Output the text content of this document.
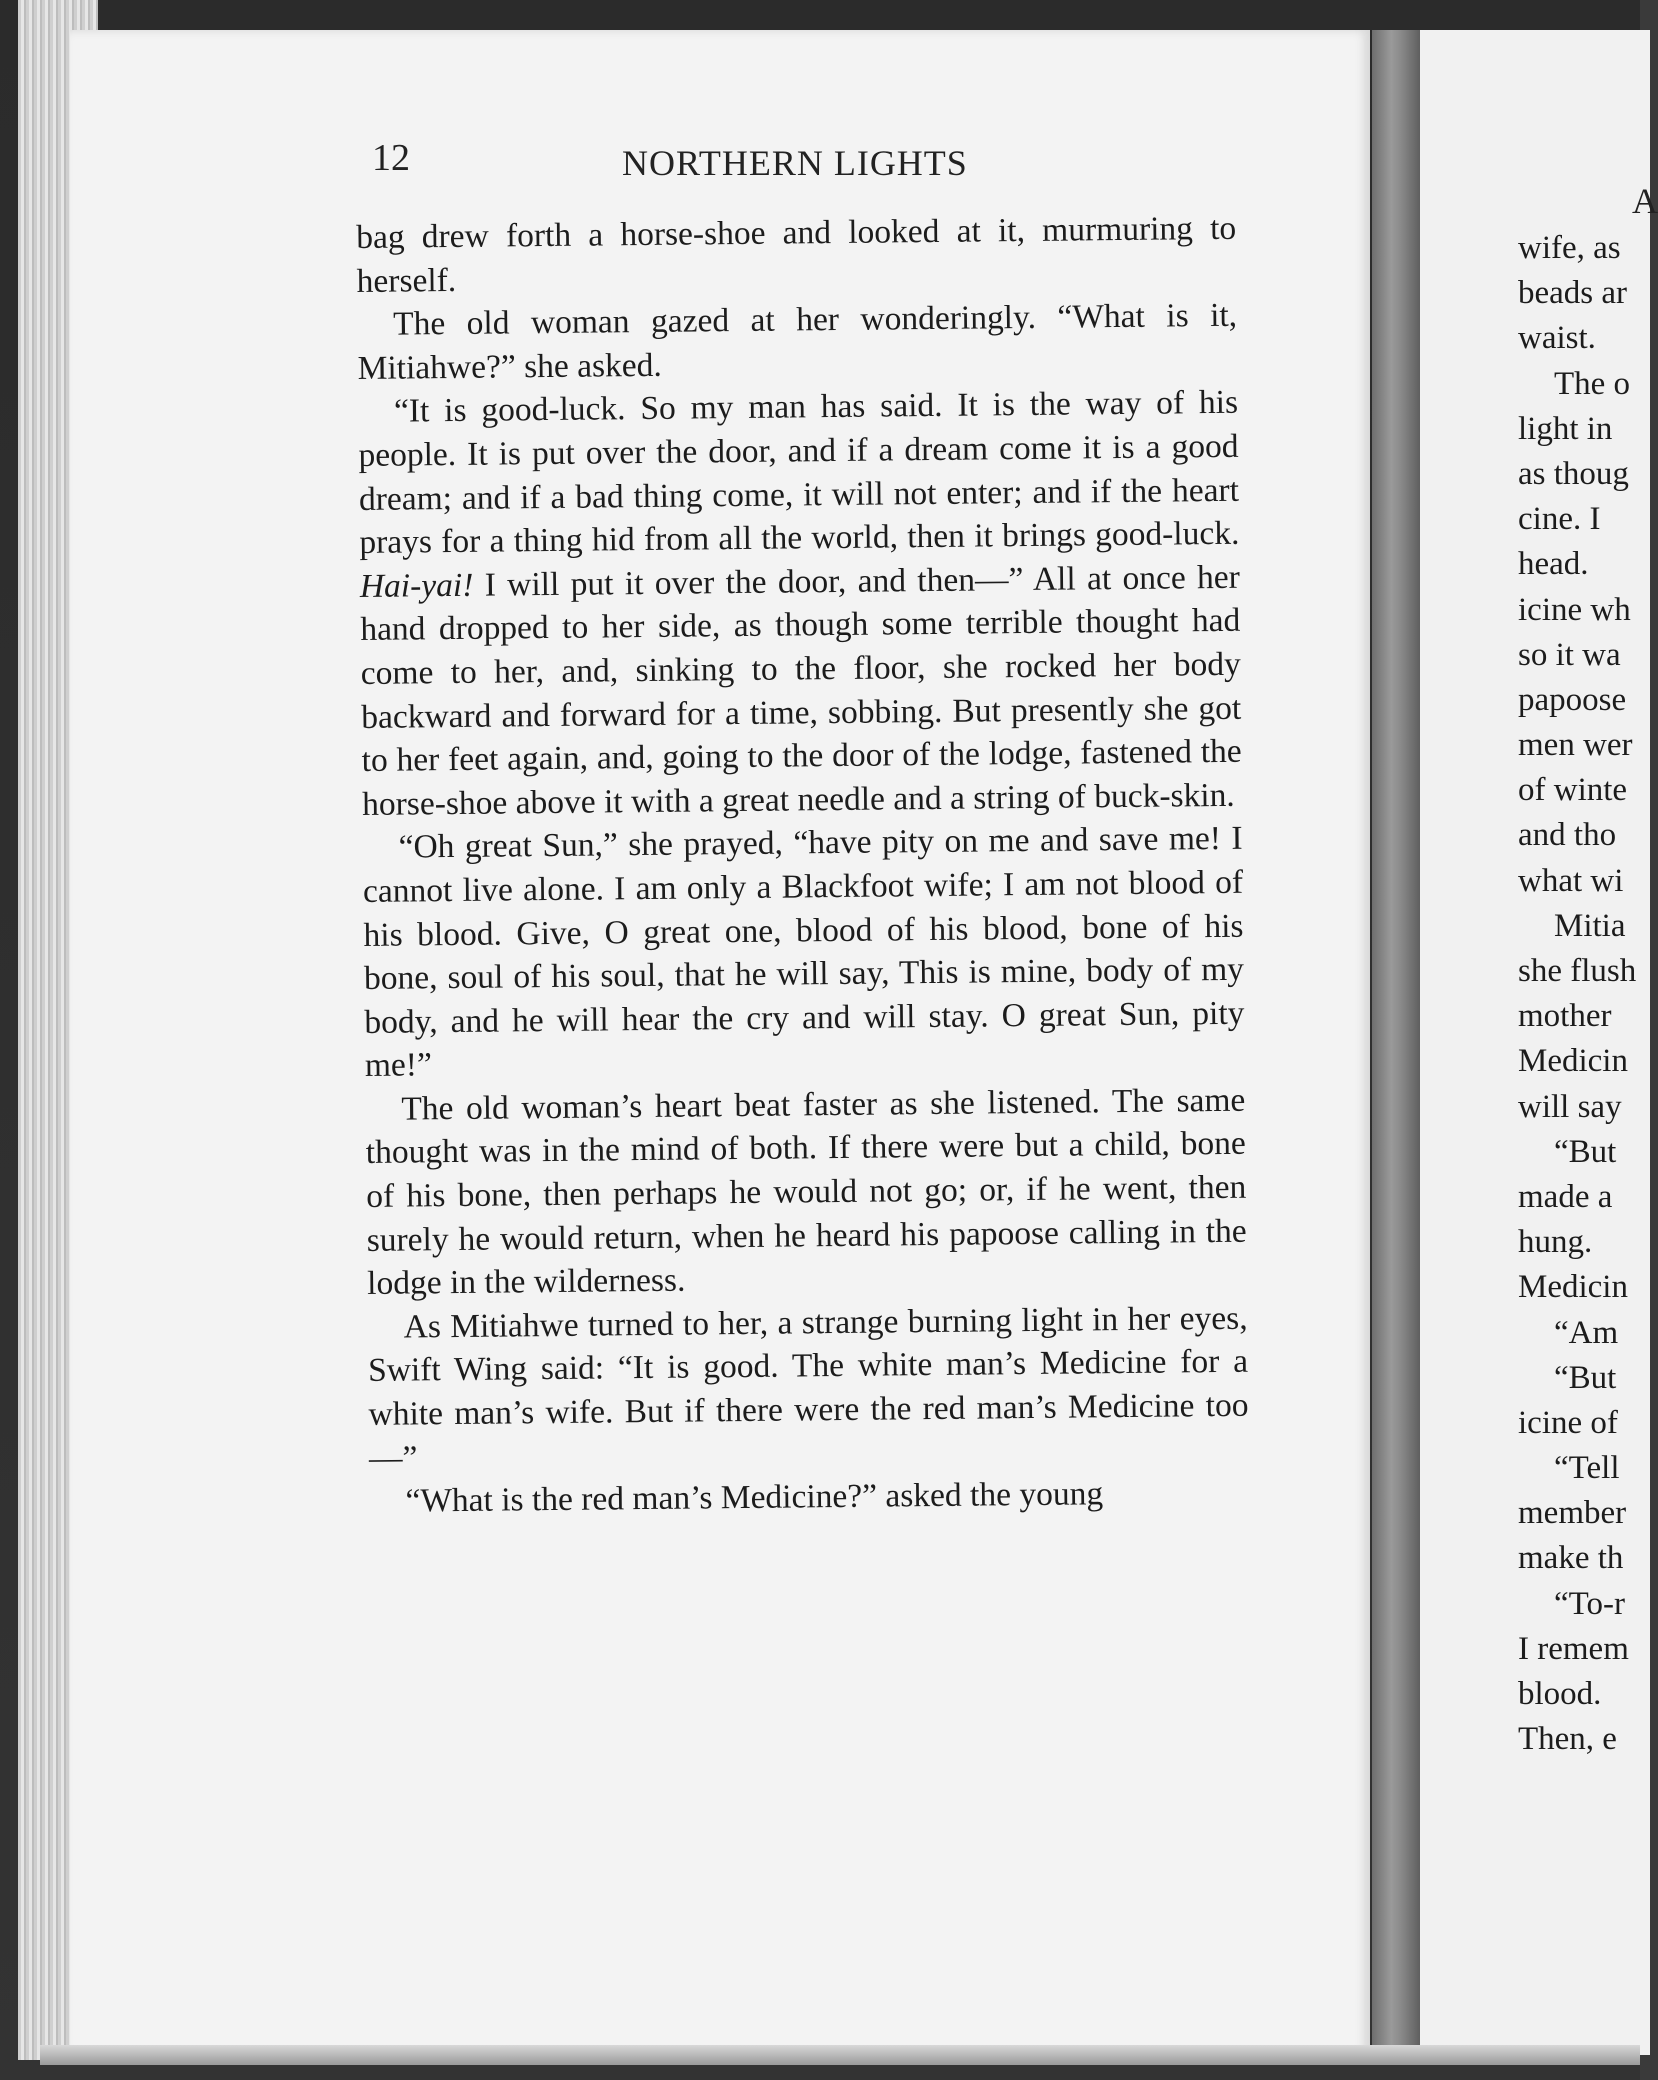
12	NORTHERN LIGHTS

bag drew forth a horse-shoe and looked at it, murmuring to herself.

The old woman gazed at her wonderingly. “What is it, Mitiahwe?” she asked.

“It is good-luck. So my man has said. It is the way of his people. It is put over the door, and if a dream come it is a good dream; and if a bad thing come, it will not enter; and if the heart prays for a thing hid from all the world, then it brings good-luck. Hai-yai! I will put it over the door, and then—” All at once her hand dropped to her side, as though some terrible thought had come to her, and, sinking to the floor, she rocked her body backward and forward for a time, sobbing. But presently she got to her feet again, and, going to the door of the lodge, fastened the horse-shoe above it with a great needle and a string of buck-skin.

“Oh great Sun,” she prayed, “have pity on me and save me! I cannot live alone. I am only a Blackfoot wife; I am not blood of his blood. Give, O great one, blood of his blood, bone of his bone, soul of his soul, that he will say, This is mine, body of my body, and he will hear the cry and will stay. O great Sun, pity me!”

The old woman’s heart beat faster as she listened. The same thought was in the mind of both. If there were but a child, bone of his bone, then perhaps he would not go; or, if he went, then surely he would return, when he heard his papoose calling in the lodge in the wilderness.

As Mitiahwe turned to her, a strange burning light in her eyes, Swift Wing said: “It is good. The white man’s Medicine for a white man’s wife. But if there were the red man’s Medicine too—”

“What is the red man’s Medicine?” asked the young

A
wife, as
beads ar
waist.
The o
light in
as thoug
cine. I
head.
icine wh
so it wa
papoose
men wer
of winte
and tho
what wi
Mitia
she flush
mother
Medicin
will say
“But
made a
hung.
Medicin
“Am
“But
icine of
“Tell
member
make th
“To-r
I remem
blood.
Then, e
